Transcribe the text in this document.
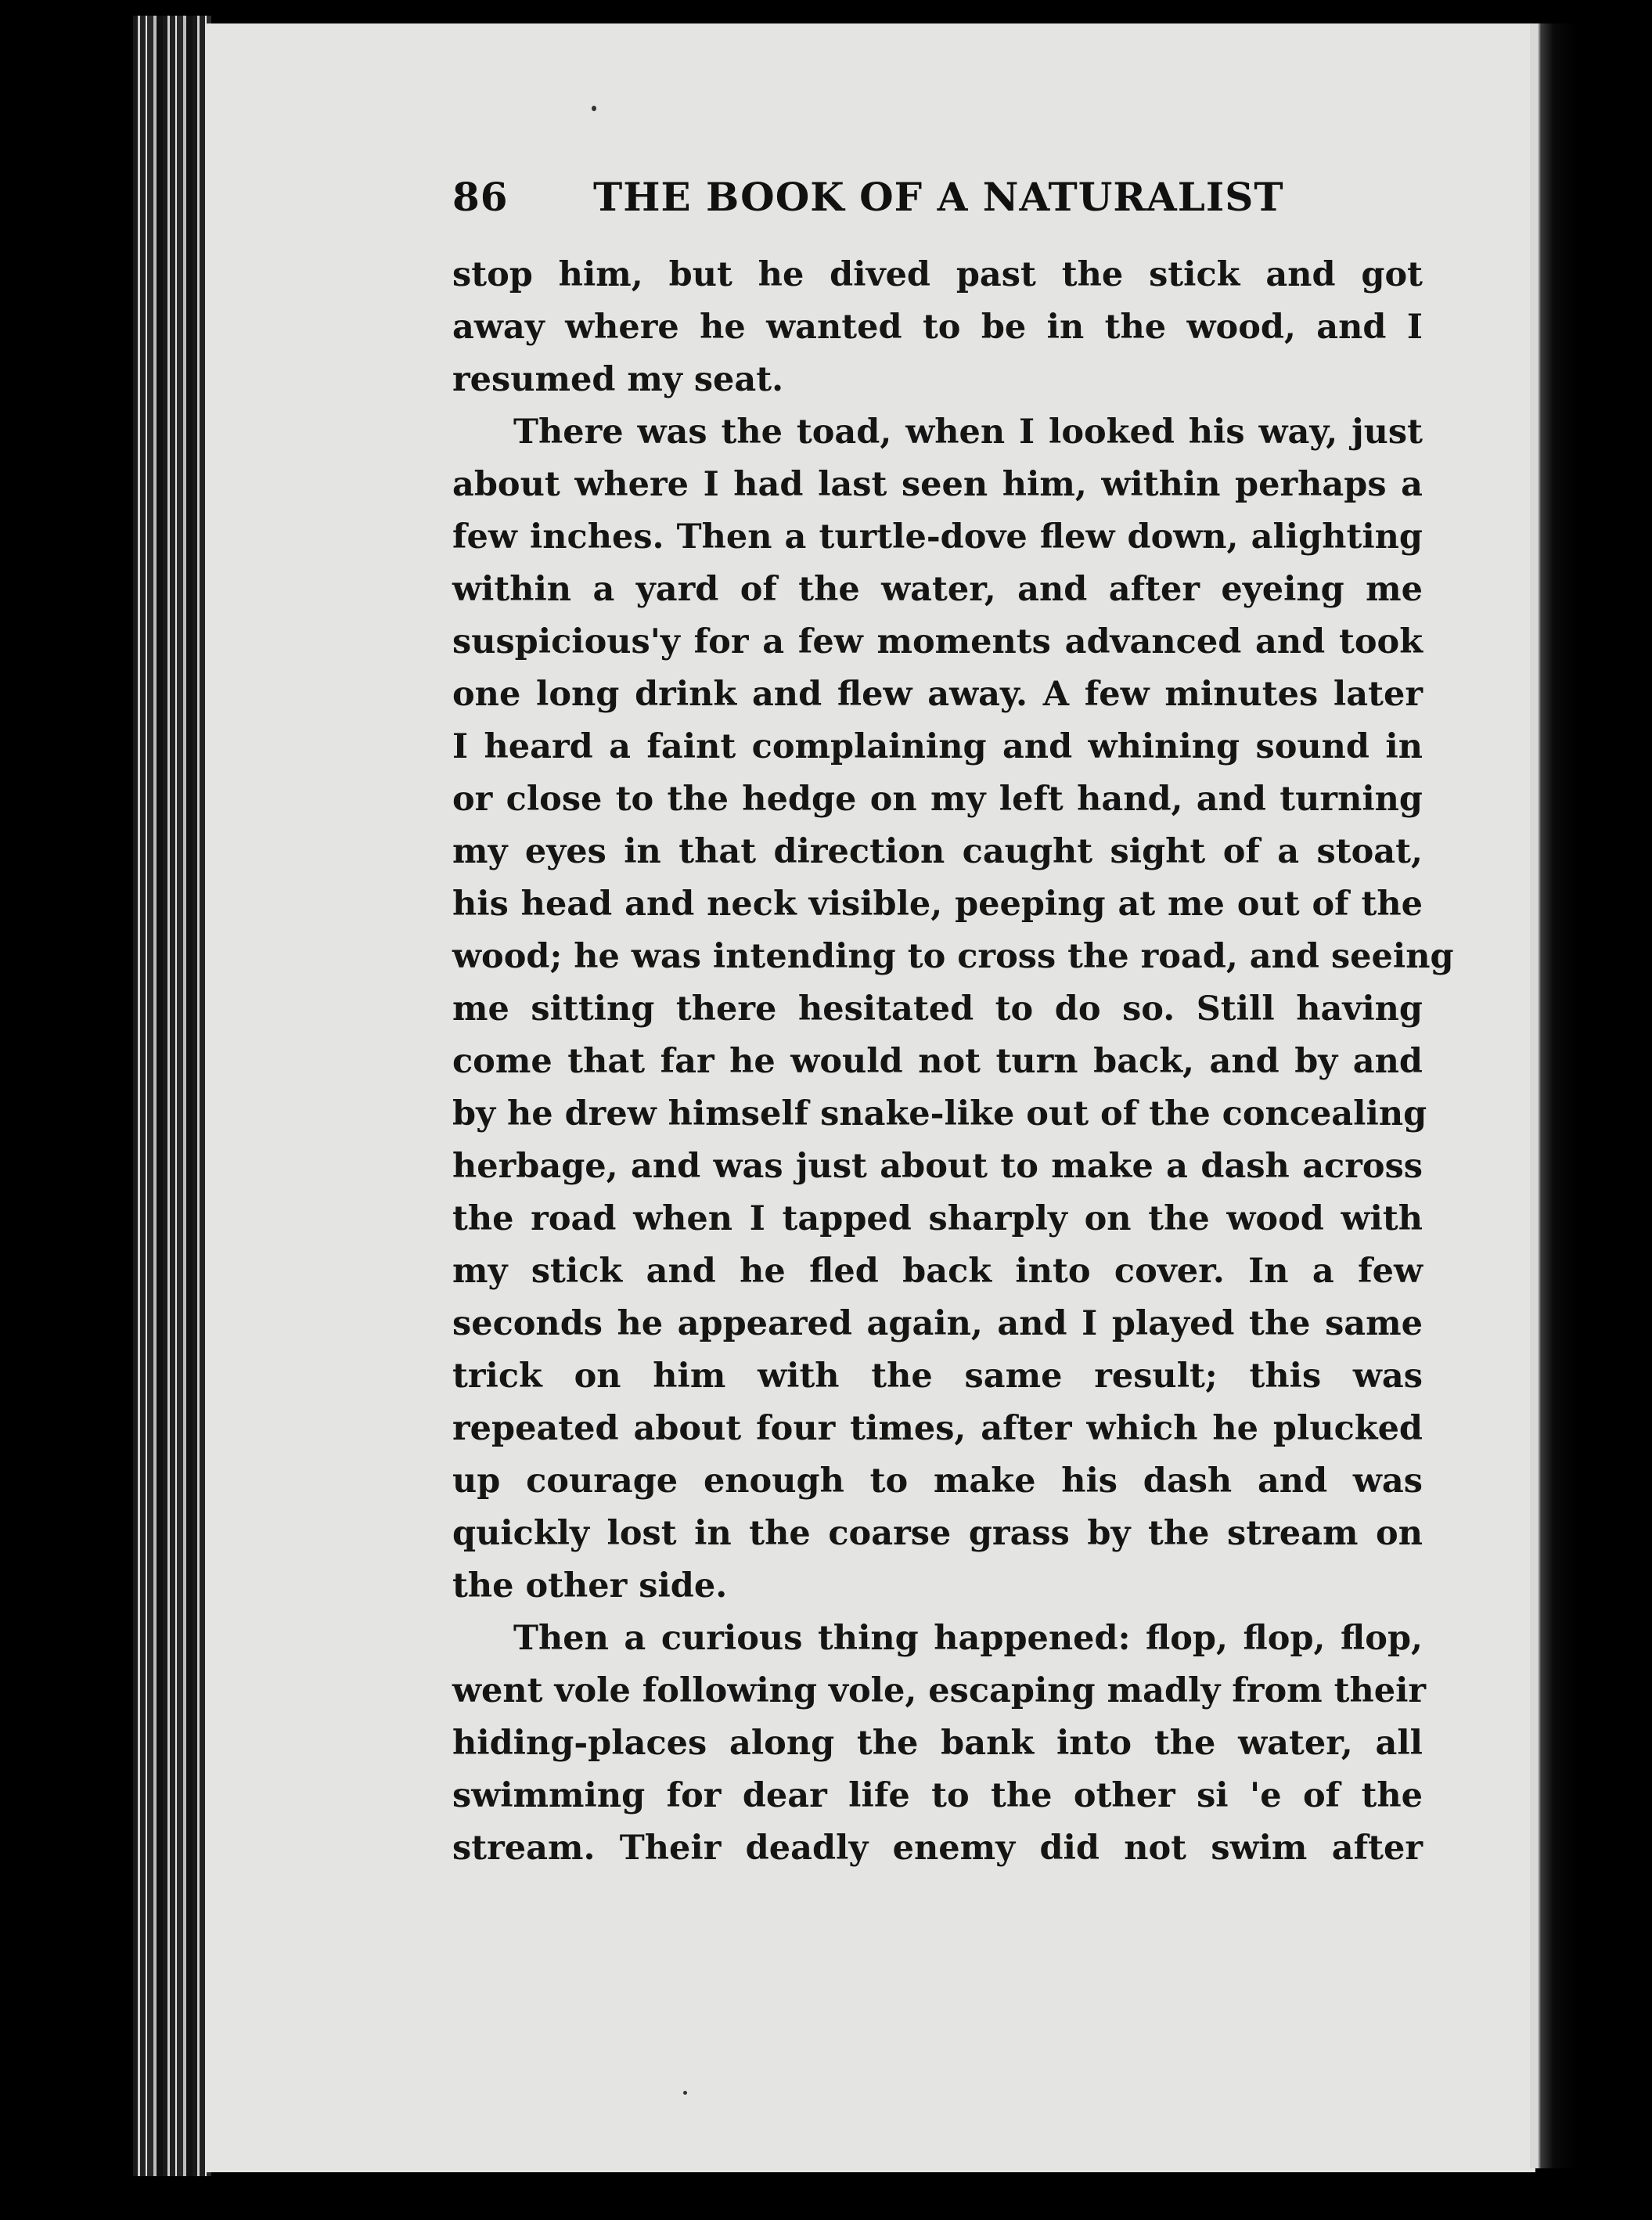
86 THE BOOK OF A NATURALIST
stop him, but he dived past the stick and got
away where he wanted to be in the wood, and I
resumed my seat.
There was the toad, when I looked his way, just
about where I had last seen him, within perhaps a
few inches. Then a turtle-dove flew down, alighting
within a yard of the water, and after eyeing me
suspicious'y for a few moments advanced and took
one long drink and flew away. A few minutes later
I heard a faint complaining and whining sound in
or close to the hedge on my left hand, and turning
my eyes in that direction caught sight of a stoat,
his head and neck visible, peeping at me out of the
wood; he was intending to cross the road, and seeing
me sitting there hesitated to do so. Still having
come that far he would not turn back, and by and
by he drew himself snake-like out of the concealing
herbage, and was just about to make a dash across
the road when I tapped sharply on the wood with
my stick and he fled back into cover. In a few
seconds he appeared again, and I played the same
trick on him with the same result; this was
repeated about four times, after which he plucked
up courage enough to make his dash and was
quickly lost in the coarse grass by the stream on
the other side.
Then a curious thing happened: flop, flop, flop,
went vole following vole, escaping madly from their
hiding-places along the bank into the water, all
swimming for dear life to the other si 'e of the
stream. Their deadly enemy did not swim after
